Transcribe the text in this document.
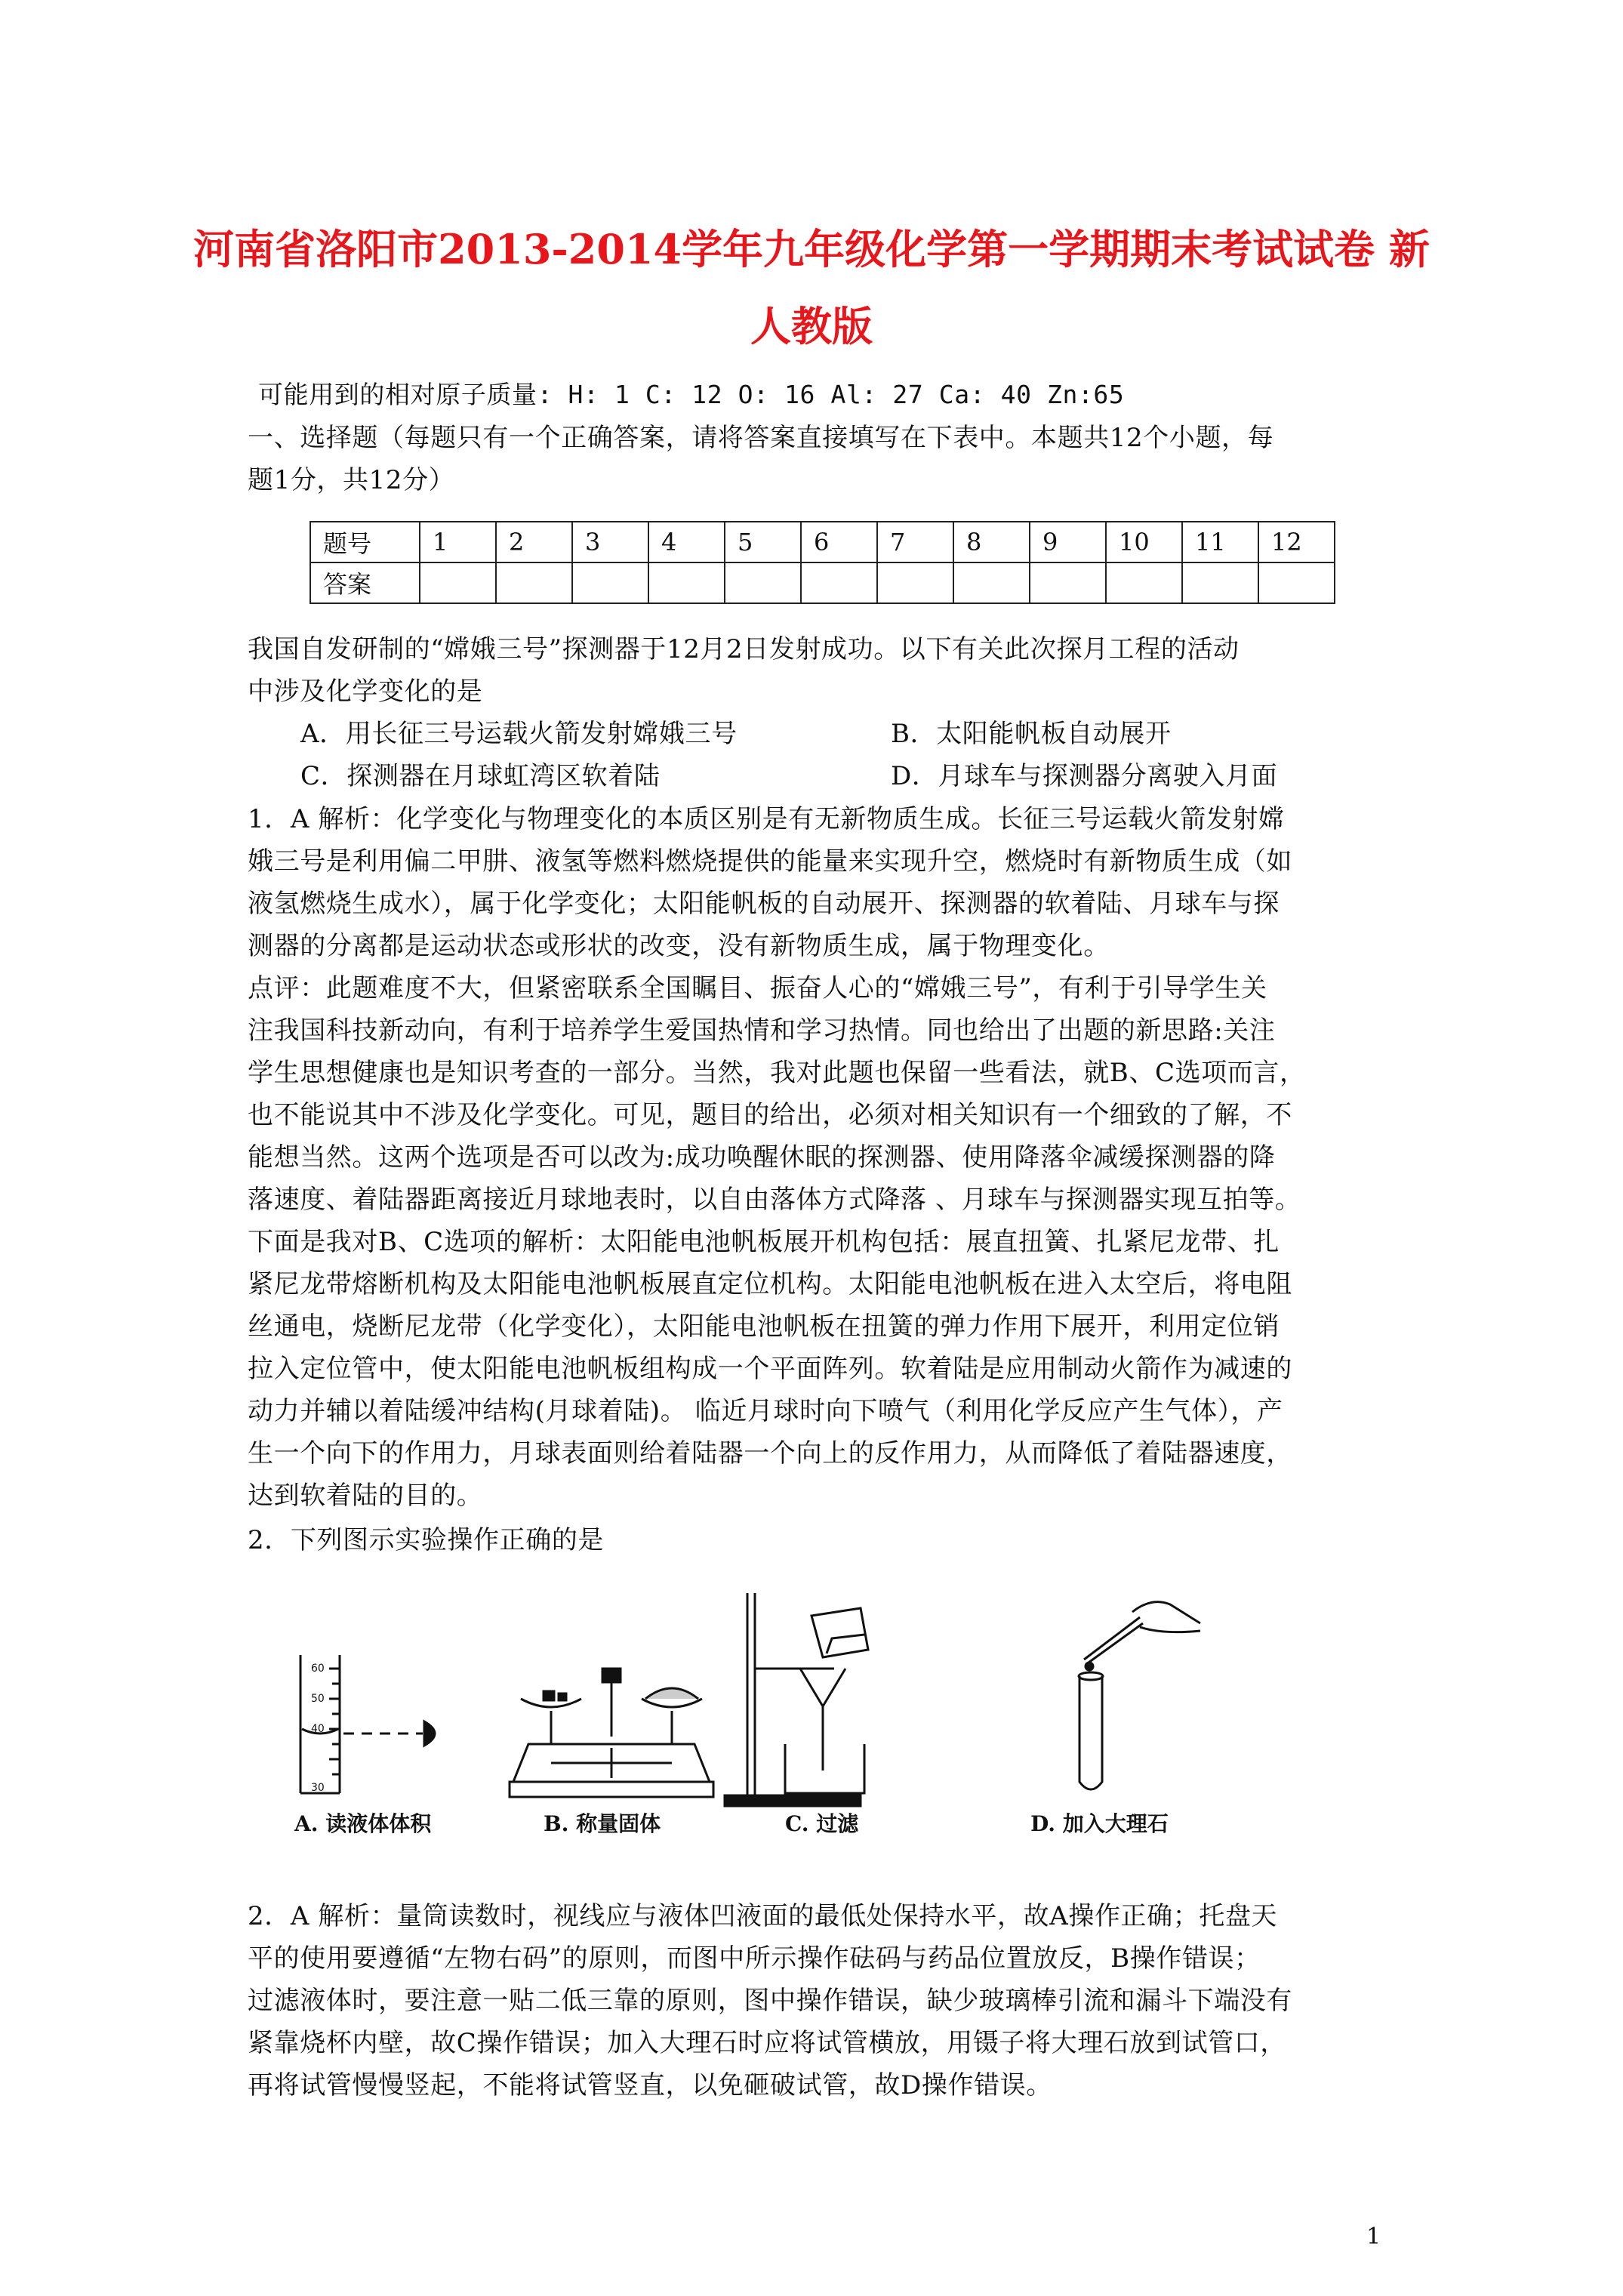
河南省洛阳市2013-2014学年九年级化学第一学期期末考试试卷 新
人教版
可能用到的相对原子质量: H: 1 C: 12 O: 16 Al: 27 Ca: 40 Zn:65
一、选择题（每题只有一个正确答案，请将答案直接填写在下表中。本题共12个小题，每
题1分，共12分）
题号	1	2	3	4	5	6	7	8	9	10	11	12
答案												
我国自发研制的“嫦娥三号”探测器于12月2日发射成功。以下有关此次探月工程的活动
中涉及化学变化的是
A．用长征三号运载火箭发射嫦娥三号	B．太阳能帆板自动展开
C．探测器在月球虹湾区软着陆	D．月球车与探测器分离驶入月面
1．A 解析：化学变化与物理变化的本质区别是有无新物质生成。长征三号运载火箭发射嫦
娥三号是利用偏二甲肼、液氢等燃料燃烧提供的能量来实现升空，燃烧时有新物质生成（如
液氢燃烧生成水），属于化学变化；太阳能帆板的自动展开、探测器的软着陆、月球车与探
测器的分离都是运动状态或形状的改变，没有新物质生成，属于物理变化。
点评：此题难度不大，但紧密联系全国瞩目、振奋人心的“嫦娥三号”，有利于引导学生关
注我国科技新动向，有利于培养学生爱国热情和学习热情。同也给出了出题的新思路:关注
学生思想健康也是知识考查的一部分。当然，我对此题也保留一些看法，就B、C选项而言，
也不能说其中不涉及化学变化。可见，题目的给出，必须对相关知识有一个细致的了解，不
能想当然。这两个选项是否可以改为:成功唤醒休眠的探测器、使用降落伞减缓探测器的降
落速度、着陆器距离接近月球地表时，以自由落体方式降落 、月球车与探测器实现互拍等。
下面是我对B、C选项的解析：太阳能电池帆板展开机构包括：展直扭簧、扎紧尼龙带、扎
紧尼龙带熔断机构及太阳能电池帆板展直定位机构。太阳能电池帆板在进入太空后，将电阻
丝通电，烧断尼龙带（化学变化），太阳能电池帆板在扭簧的弹力作用下展开，利用定位销
拉入定位管中，使太阳能电池帆板组构成一个平面阵列。软着陆是应用制动火箭作为减速的
动力并辅以着陆缓冲结构(月球着陆)。 临近月球时向下喷气（利用化学反应产生气体），产
生一个向下的作用力，月球表面则给着陆器一个向上的反作用力，从而降低了着陆器速度，
达到软着陆的目的。
2．下列图示实验操作正确的是
60
50
40
30
A. 读液体体积	B. 称量固体	C. 过滤	D. 加入大理石
2．A 解析：量筒读数时，视线应与液体凹液面的最低处保持水平，故A操作正确；托盘天
平的使用要遵循“左物右码”的原则，而图中所示操作砝码与药品位置放反，B操作错误；
过滤液体时，要注意一贴二低三靠的原则，图中操作错误，缺少玻璃棒引流和漏斗下端没有
紧靠烧杯内壁，故C操作错误；加入大理石时应将试管横放，用镊子将大理石放到试管口，
再将试管慢慢竖起，不能将试管竖直，以免砸破试管，故D操作错误。
1
